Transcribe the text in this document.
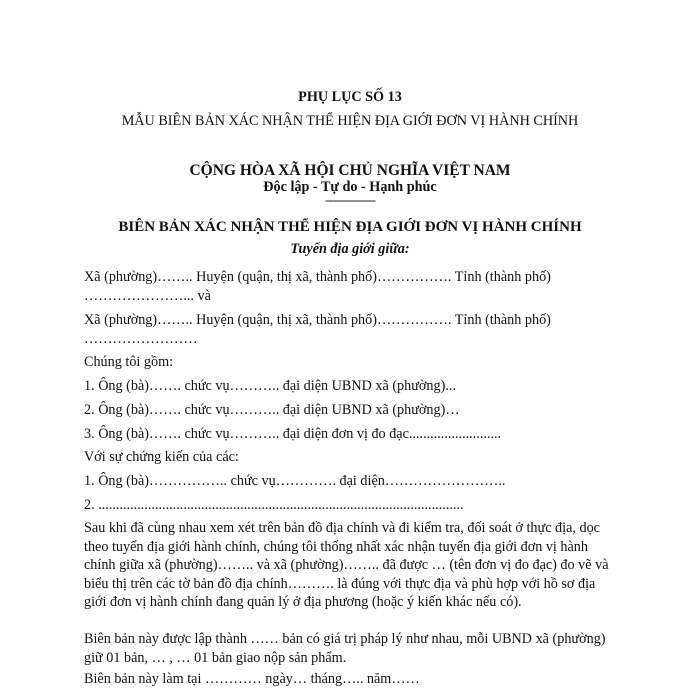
PHỤ LỤC SỐ 13
MẪU BIÊN BẢN XÁC NHẬN THỂ HIỆN ĐỊA GIỚI ĐƠN VỊ HÀNH CHÍNH
CỘNG HÒA XÃ HỘI CHỦ NGHĨA VIỆT NAM
Độc lập - Tự do - Hạnh phúc
---------------
BIÊN BẢN XÁC NHẬN THỂ HIỆN ĐỊA GIỚI ĐƠN VỊ HÀNH CHÍNH
Tuyến địa giới giữa:
Xã (phường)…….. Huyện (quận, thị xã, thành phố)……………. Tỉnh (thành phố)
…………………... và
Xã (phường)…….. Huyện (quận, thị xã, thành phố)……………. Tỉnh (thành phố)
……………………
Chúng tôi gồm:
1. Ông (bà)……. chức vụ……….. đại diện UBND xã (phường)...
2. Ông (bà)……. chức vụ……….. đại diện UBND xã (phường)…
3. Ông (bà)……. chức vụ……….. đại diện đơn vị đo đạc..........................
Với sự chứng kiến của các:
1. Ông (bà)…………….. chức vụ…………. đại diện……………………..
2. .......................................................................................................
Sau khi đã cùng nhau xem xét trên bản đồ địa chính và đi kiểm tra, đối soát ở thực địa, dọc theo tuyến địa giới hành chính, chúng tôi thống nhất xác nhận tuyến địa giới đơn vị hành chính giữa xã (phường)…….. và xã (phường)…….. đã được … (tên đơn vị đo đạc) đo vẽ và biểu thị trên các tờ bản đồ địa chính………. là đúng với thực địa và phù hợp với hồ sơ địa giới đơn vị hành chính đang quản lý ở địa phương (hoặc ý kiến khác nếu có).
Biên bản này được lập thành …… bản có giá trị pháp lý như nhau, mỗi UBND xã (phường) giữ 01 bản, … , … 01 bản giao nộp sản phẩm.
Biên bản này làm tại ………… ngày… tháng….. năm……
